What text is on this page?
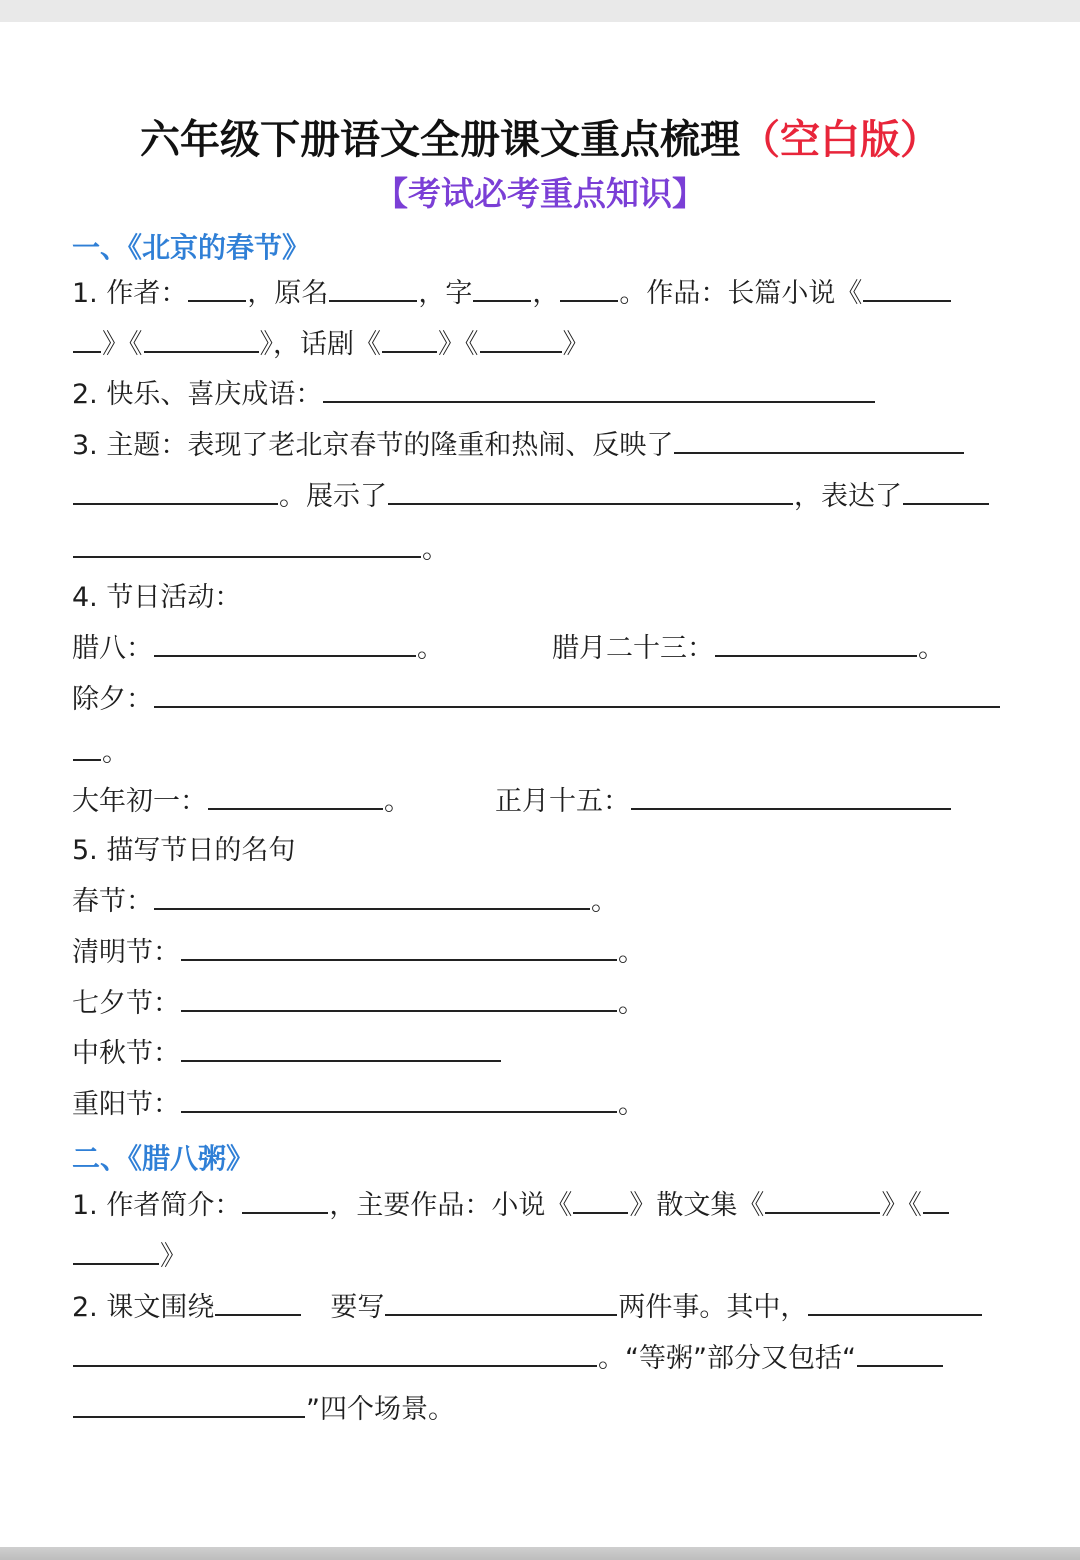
六年级下册语文全册课文重点梳理（空白版）
【考试必考重点知识】
一、《北京的春节》
1. 作者： ，原名	，字 ， 。作品：长篇小说《
》《	》，话剧《 》《	》
2. 快乐、喜庆成语：
3. 主题：表现了老北京春节的隆重和热闹、反映了
。展示了	，表达了
。
4. 节日活动：
腊八：	。	腊月二十三：	。
除夕：
。
大年初一：	。	正月十五：
5. 描写节日的名句
春节：	。
清明节：	。
七夕节：	。
中秋节：
重阳节：	。
二、《腊八粥》
1. 作者简介：	，主要作品：小说《 》散文集《	》《
》
2. 课文围绕	要写	两件事。其中，
。“等粥”部分又包括“
”四个场景。
